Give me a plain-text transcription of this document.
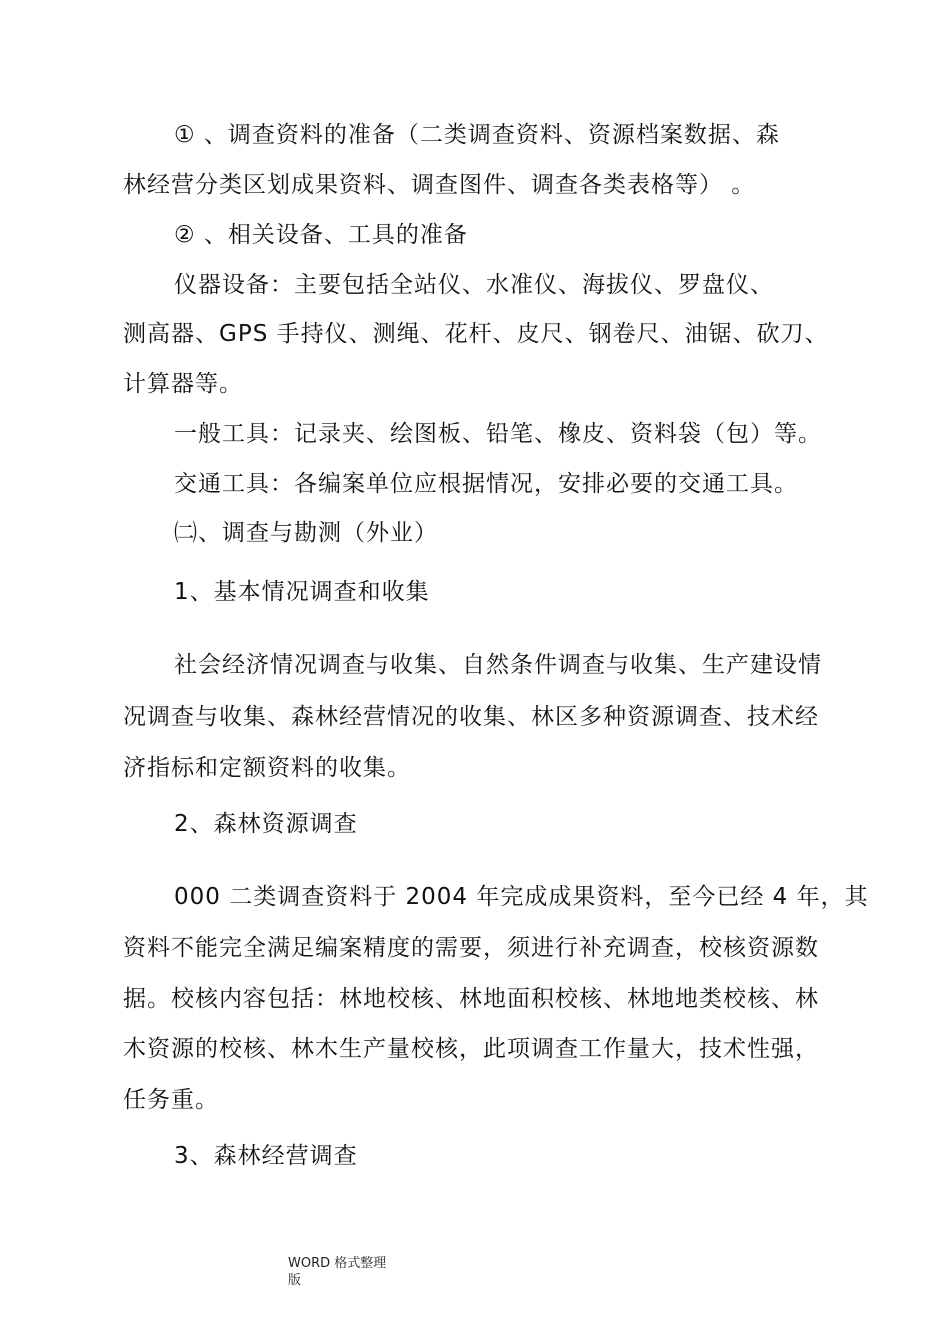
① 、调查资料的准备（二类调查资料、资源档案数据、森
林经营分类区划成果资料、调查图件、调查各类表格等） 。
② 、相关设备、工具的准备
仪器设备：主要包括全站仪、水准仪、海拔仪、罗盘仪、
测高器、GPS 手持仪、测绳、花杆、皮尺、钢卷尺、油锯、砍刀、
计算器等。
一般工具：记录夹、绘图板、铅笔、橡皮、资料袋（包）等。
交通工具：各编案单位应根据情况，安排必要的交通工具。
㈡、调查与勘测（外业）
1、基本情况调查和收集
社会经济情况调查与收集、自然条件调查与收集、生产建设情
况调查与收集、森林经营情况的收集、林区多种资源调查、技术经
济指标和定额资料的收集。
2、森林资源调查
000 二类调查资料于 2004 年完成成果资料，至今已经 4 年，其
资料不能完全满足编案精度的需要，须进行补充调查，校核资源数
据。校核内容包括：林地校核、林地面积校核、林地地类校核、林
木资源的校核、林木生产量校核，此项调查工作量大，技术性强，
任务重。
3、森林经营调查
WORD 格式整理
版
